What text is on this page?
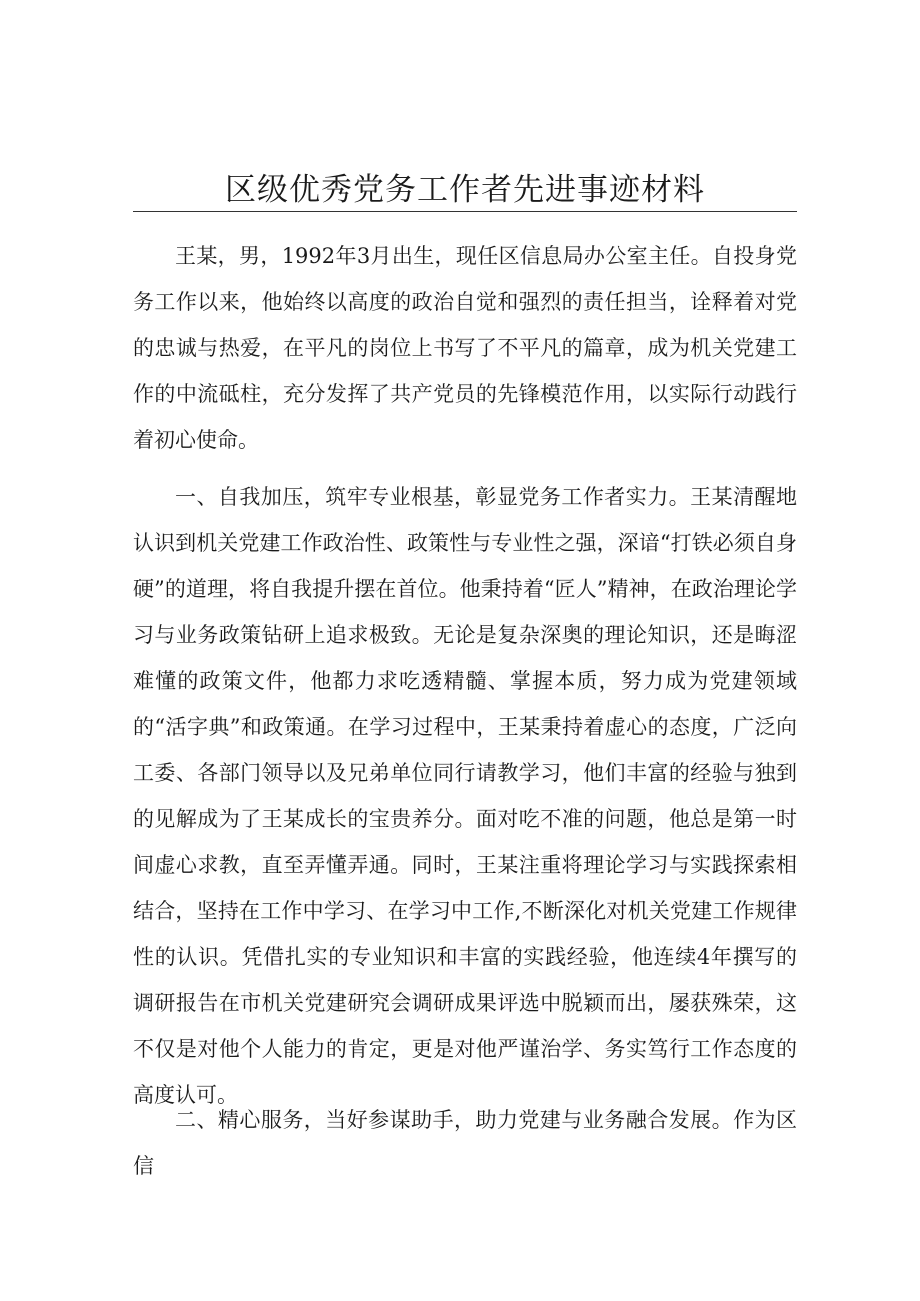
区级优秀党务工作者先进事迹材料

王某，男，1992年3月出生，现任区信息局办公室主任。自投身党务工作以来，他始终以高度的政治自觉和强烈的责任担当，诠释着对党的忠诚与热爱，在平凡的岗位上书写了不平凡的篇章，成为机关党建工作的中流砥柱，充分发挥了共产党员的先锋模范作用，以实际行动践行着初心使命。

一、自我加压，筑牢专业根基，彰显党务工作者实力。王某清醒地认识到机关党建工作政治性、政策性与专业性之强，深谙“打铁必须自身硬”的道理，将自我提升摆在首位。他秉持着“匠人”精神，在政治理论学习与业务政策钻研上追求极致。无论是复杂深奥的理论知识，还是晦涩难懂的政策文件，他都力求吃透精髓、掌握本质，努力成为党建领域的“活字典”和政策通。在学习过程中，王某秉持着虚心的态度，广泛向工委、各部门领导以及兄弟单位同行请教学习，他们丰富的经验与独到的见解成为了王某成长的宝贵养分。面对吃不准的问题，他总是第一时间虚心求教，直至弄懂弄通。同时，王某注重将理论学习与实践探索相结合，坚持在工作中学习、在学习中工作,不断深化对机关党建工作规律性的认识。凭借扎实的专业知识和丰富的实践经验，他连续4年撰写的调研报告在市机关党建研究会调研成果评选中脱颖而出，屡获殊荣，这不仅是对他个人能力的肯定，更是对他严谨治学、务实笃行工作态度的高度认可。

二、精心服务，当好参谋助手，助力党建与业务融合发展。作为区信
